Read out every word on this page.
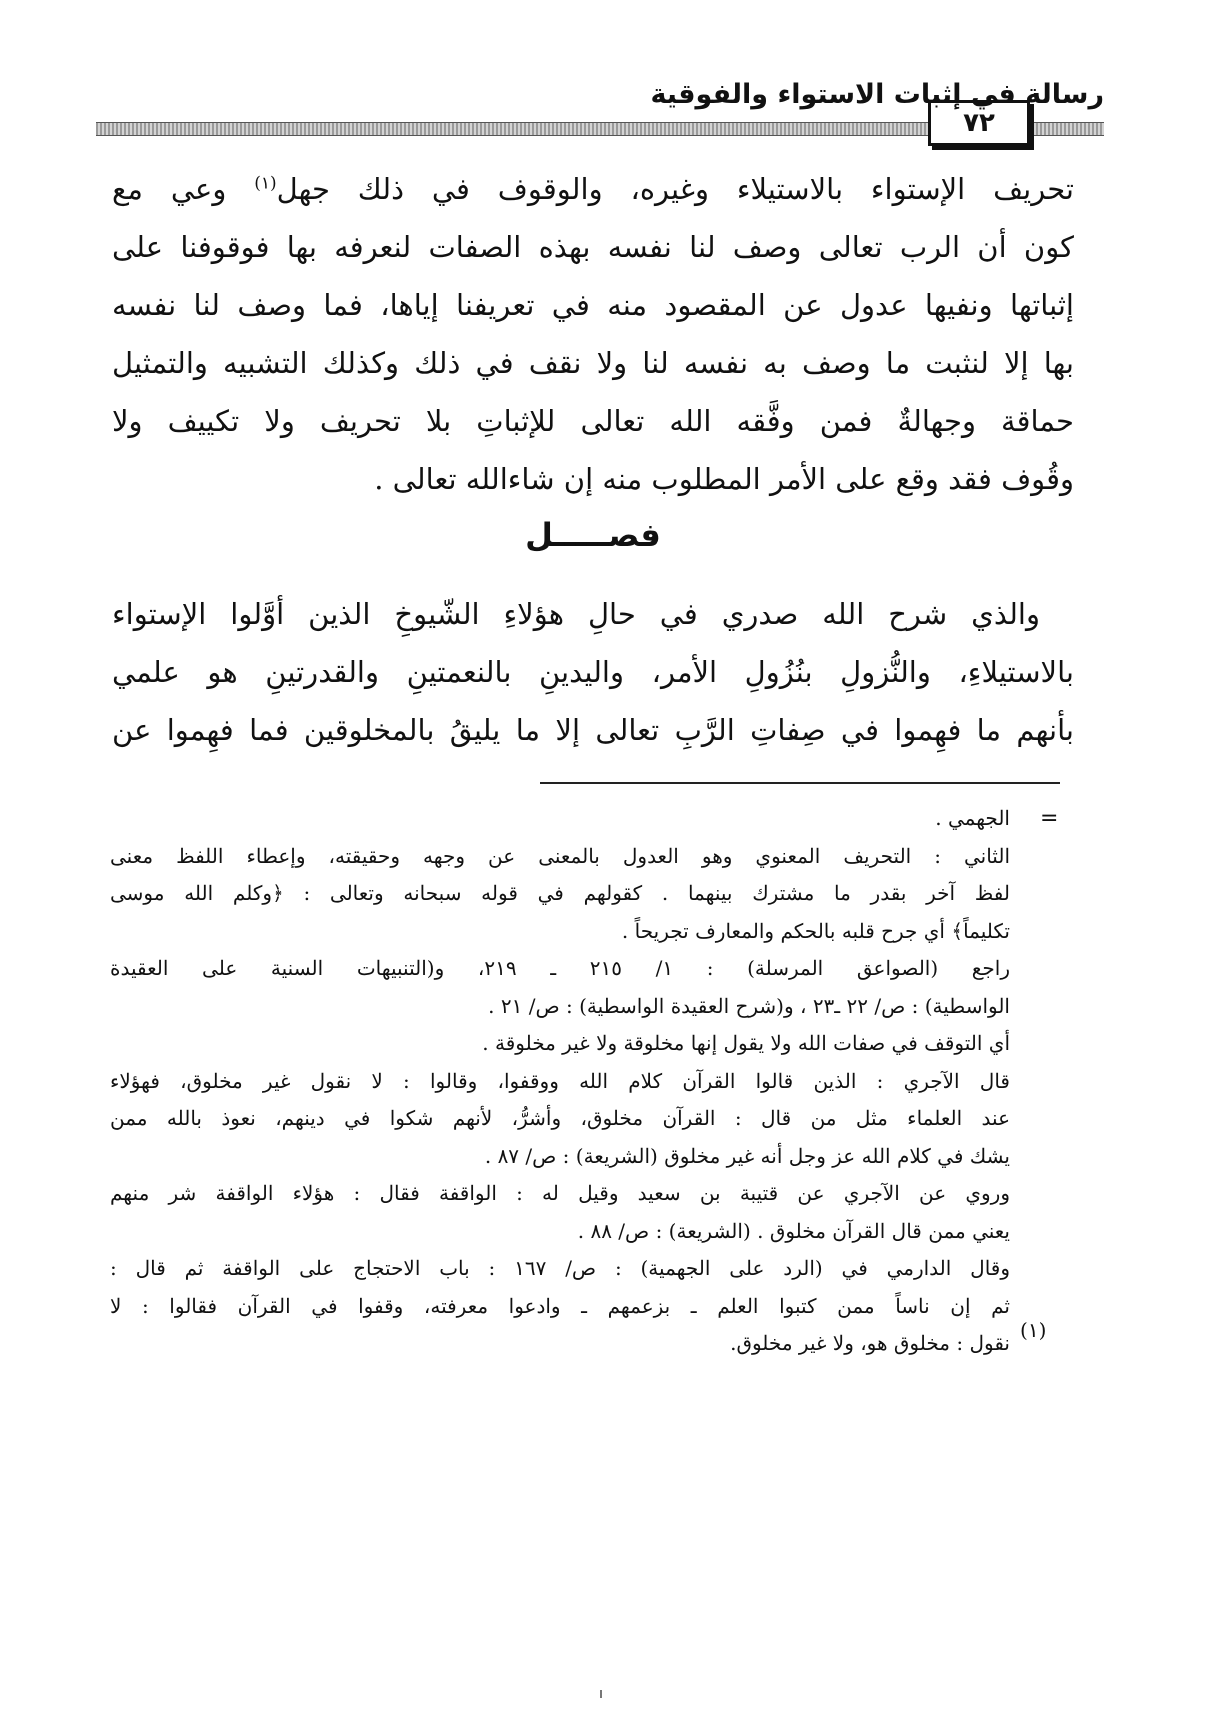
٧٢
رسالة في إثبات الاستواء والفوقية
تحريف الإستواء بالاستيلاء وغيره، والوقوف في ذلك جهل$^{(١)}$ وعي مع
كون أن الرب تعالى وصف لنا نفسه بهذه الصفات لنعرفه بها فوقوفنا على
إثباتها ونفيها عدول عن المقصود منه في تعريفنا إياها، فما وصف لنا نفسه
بها إلا لنثبت ما وصف به نفسه لنا ولا نقف في ذلك وكذلك التشبيه والتمثيل
حماقة وجهالةٌ فمن وفَّقه الله تعالى للإثباتِ بلا تحريف ولا تكييف ولا
وقُوف فقد وقع على الأمر المطلوب منه إن شاءالله تعالى .
فصـــــل
والذي شرح الله صدري في حالِ هؤلاءِ الشّيوخِ الذين أوَّلوا الإستواء
بالاستيلاءِ، والنُّزولِ بنُزُولِ الأمر، واليدينِ بالنعمتينِ والقدرتينِ هو علمي
بأنهم ما فهِموا في صِفاتِ الرَّبِ تعالى إلا ما يليقُ بالمخلوقين فما فهِموا عن
=
الجهمي .
الثاني : التحريف المعنوي وهو العدول بالمعنى عن وجهه وحقيقته، وإعطاء اللفظ معنى
لفظ آخر بقدر ما مشترك بينهما . كقولهم في قوله سبحانه وتعالى : ﴿وكلم الله موسى
تكليماً﴾ أي جرح قلبه بالحكم والمعارف تجريحاً .
راجع (الصواعق المرسلة) : ١/ ٢١٥ ـ ٢١٩، و(التنبيهات السنية على العقيدة
الواسطية) : ص/ ٢٢ ـ٢٣ ، و(شرح العقيدة الواسطية) : ص/ ٢١ .
أي التوقف في صفات الله ولا يقول إنها مخلوقة ولا غير مخلوقة .
قال الآجري : الذين قالوا القرآن كلام الله ووقفوا، وقالوا : لا نقول غير مخلوق، فهؤلاء
عند العلماء مثل من قال : القرآن مخلوق، وأشرُّ، لأنهم شكوا في دينهم، نعوذ بالله ممن
يشك في كلام الله عز وجل أنه غير مخلوق (الشريعة) : ص/ ٨٧ .
وروي عن الآجري عن قتيبة بن سعيد وقيل له : الواقفة فقال : هؤلاء الواقفة شر منهم
يعني ممن قال القرآن مخلوق . (الشريعة) : ص/ ٨٨ .
وقال الدارمي في (الرد على الجهمية) : ص/ ١٦٧ : باب الاحتجاج على الواقفة ثم قال :
ثم إن ناساً ممن كتبوا العلم ـ بزعمهم ـ وادعوا معرفته، وقفوا في القرآن فقالوا : لا
نقول : مخلوق هو، ولا غير مخلوق.
(١)
